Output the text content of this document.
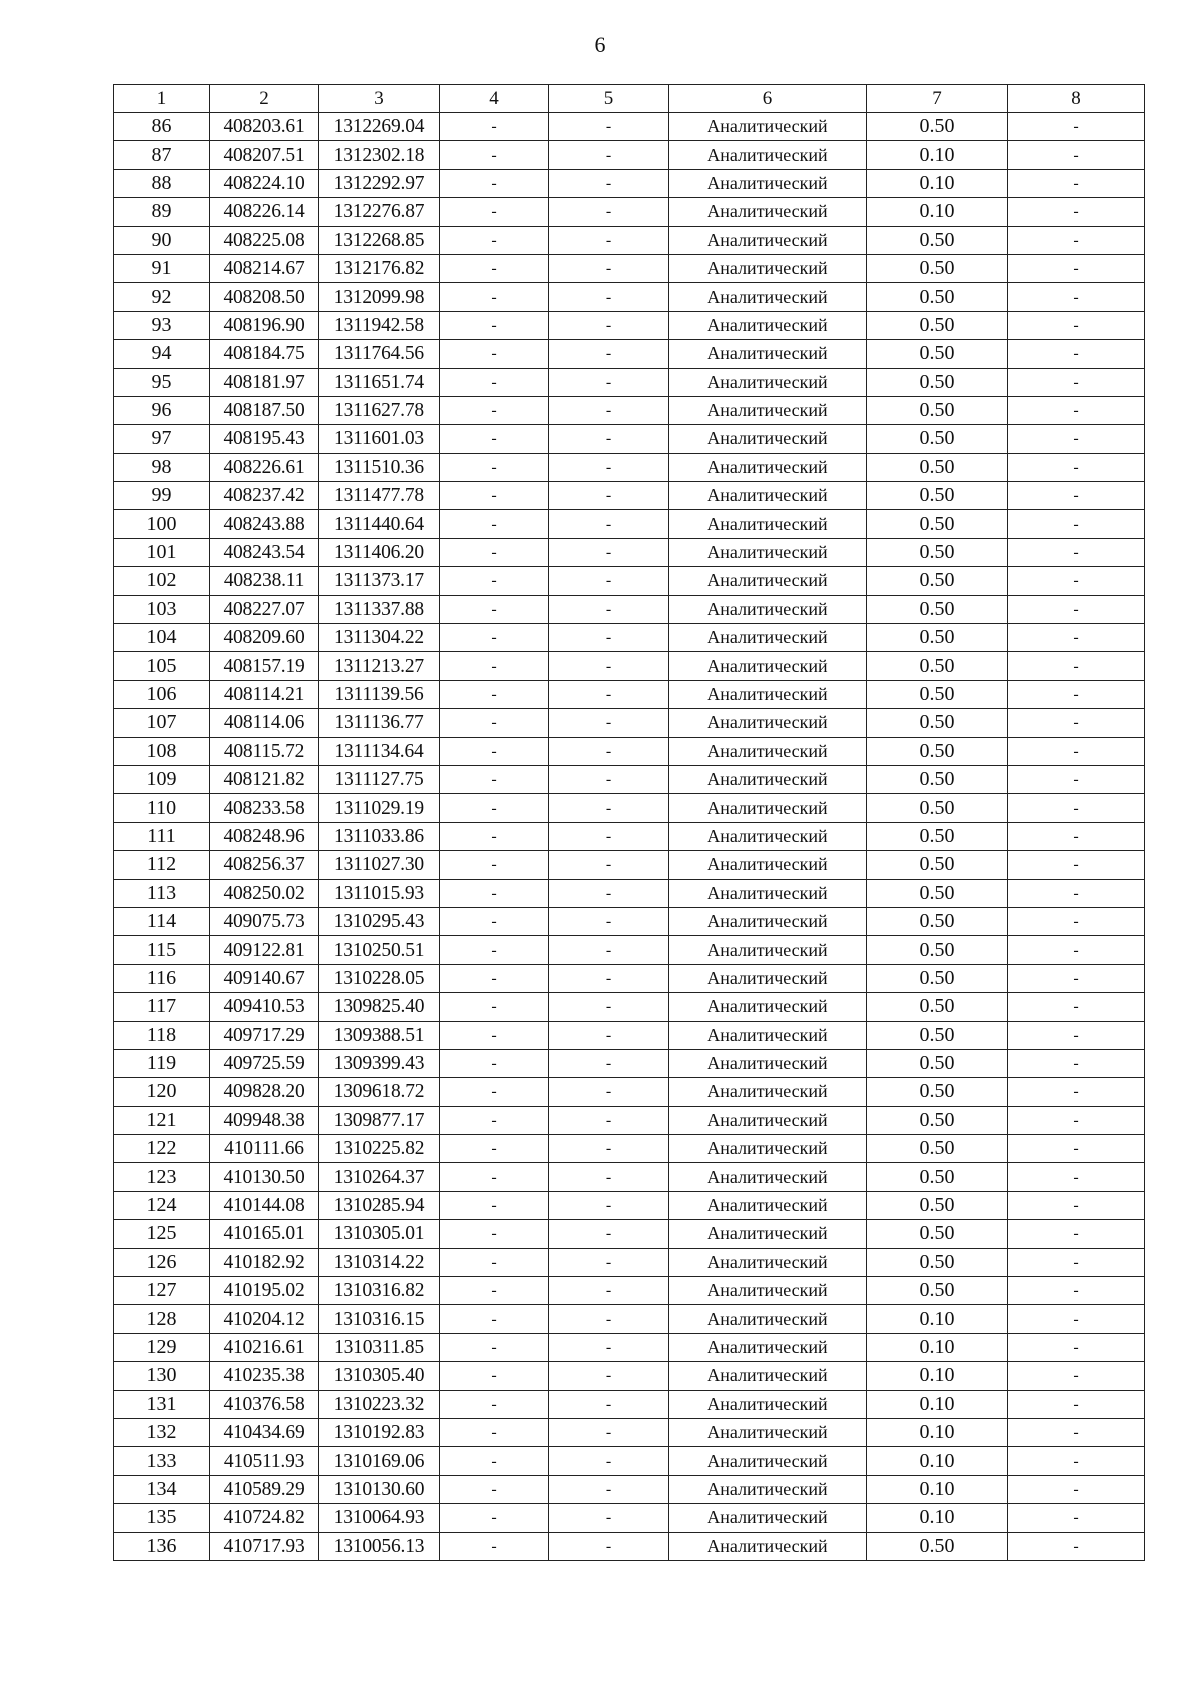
6
1	2	3	4	5	6	7	8
86	408203.61	1312269.04	-	-	Аналитический	0.50	-
87	408207.51	1312302.18	-	-	Аналитический	0.10	-
88	408224.10	1312292.97	-	-	Аналитический	0.10	-
89	408226.14	1312276.87	-	-	Аналитический	0.10	-
90	408225.08	1312268.85	-	-	Аналитический	0.50	-
91	408214.67	1312176.82	-	-	Аналитический	0.50	-
92	408208.50	1312099.98	-	-	Аналитический	0.50	-
93	408196.90	1311942.58	-	-	Аналитический	0.50	-
94	408184.75	1311764.56	-	-	Аналитический	0.50	-
95	408181.97	1311651.74	-	-	Аналитический	0.50	-
96	408187.50	1311627.78	-	-	Аналитический	0.50	-
97	408195.43	1311601.03	-	-	Аналитический	0.50	-
98	408226.61	1311510.36	-	-	Аналитический	0.50	-
99	408237.42	1311477.78	-	-	Аналитический	0.50	-
100	408243.88	1311440.64	-	-	Аналитический	0.50	-
101	408243.54	1311406.20	-	-	Аналитический	0.50	-
102	408238.11	1311373.17	-	-	Аналитический	0.50	-
103	408227.07	1311337.88	-	-	Аналитический	0.50	-
104	408209.60	1311304.22	-	-	Аналитический	0.50	-
105	408157.19	1311213.27	-	-	Аналитический	0.50	-
106	408114.21	1311139.56	-	-	Аналитический	0.50	-
107	408114.06	1311136.77	-	-	Аналитический	0.50	-
108	408115.72	1311134.64	-	-	Аналитический	0.50	-
109	408121.82	1311127.75	-	-	Аналитический	0.50	-
110	408233.58	1311029.19	-	-	Аналитический	0.50	-
111	408248.96	1311033.86	-	-	Аналитический	0.50	-
112	408256.37	1311027.30	-	-	Аналитический	0.50	-
113	408250.02	1311015.93	-	-	Аналитический	0.50	-
114	409075.73	1310295.43	-	-	Аналитический	0.50	-
115	409122.81	1310250.51	-	-	Аналитический	0.50	-
116	409140.67	1310228.05	-	-	Аналитический	0.50	-
117	409410.53	1309825.40	-	-	Аналитический	0.50	-
118	409717.29	1309388.51	-	-	Аналитический	0.50	-
119	409725.59	1309399.43	-	-	Аналитический	0.50	-
120	409828.20	1309618.72	-	-	Аналитический	0.50	-
121	409948.38	1309877.17	-	-	Аналитический	0.50	-
122	410111.66	1310225.82	-	-	Аналитический	0.50	-
123	410130.50	1310264.37	-	-	Аналитический	0.50	-
124	410144.08	1310285.94	-	-	Аналитический	0.50	-
125	410165.01	1310305.01	-	-	Аналитический	0.50	-
126	410182.92	1310314.22	-	-	Аналитический	0.50	-
127	410195.02	1310316.82	-	-	Аналитический	0.50	-
128	410204.12	1310316.15	-	-	Аналитический	0.10	-
129	410216.61	1310311.85	-	-	Аналитический	0.10	-
130	410235.38	1310305.40	-	-	Аналитический	0.10	-
131	410376.58	1310223.32	-	-	Аналитический	0.10	-
132	410434.69	1310192.83	-	-	Аналитический	0.10	-
133	410511.93	1310169.06	-	-	Аналитический	0.10	-
134	410589.29	1310130.60	-	-	Аналитический	0.10	-
135	410724.82	1310064.93	-	-	Аналитический	0.10	-
136	410717.93	1310056.13	-	-	Аналитический	0.50	-
